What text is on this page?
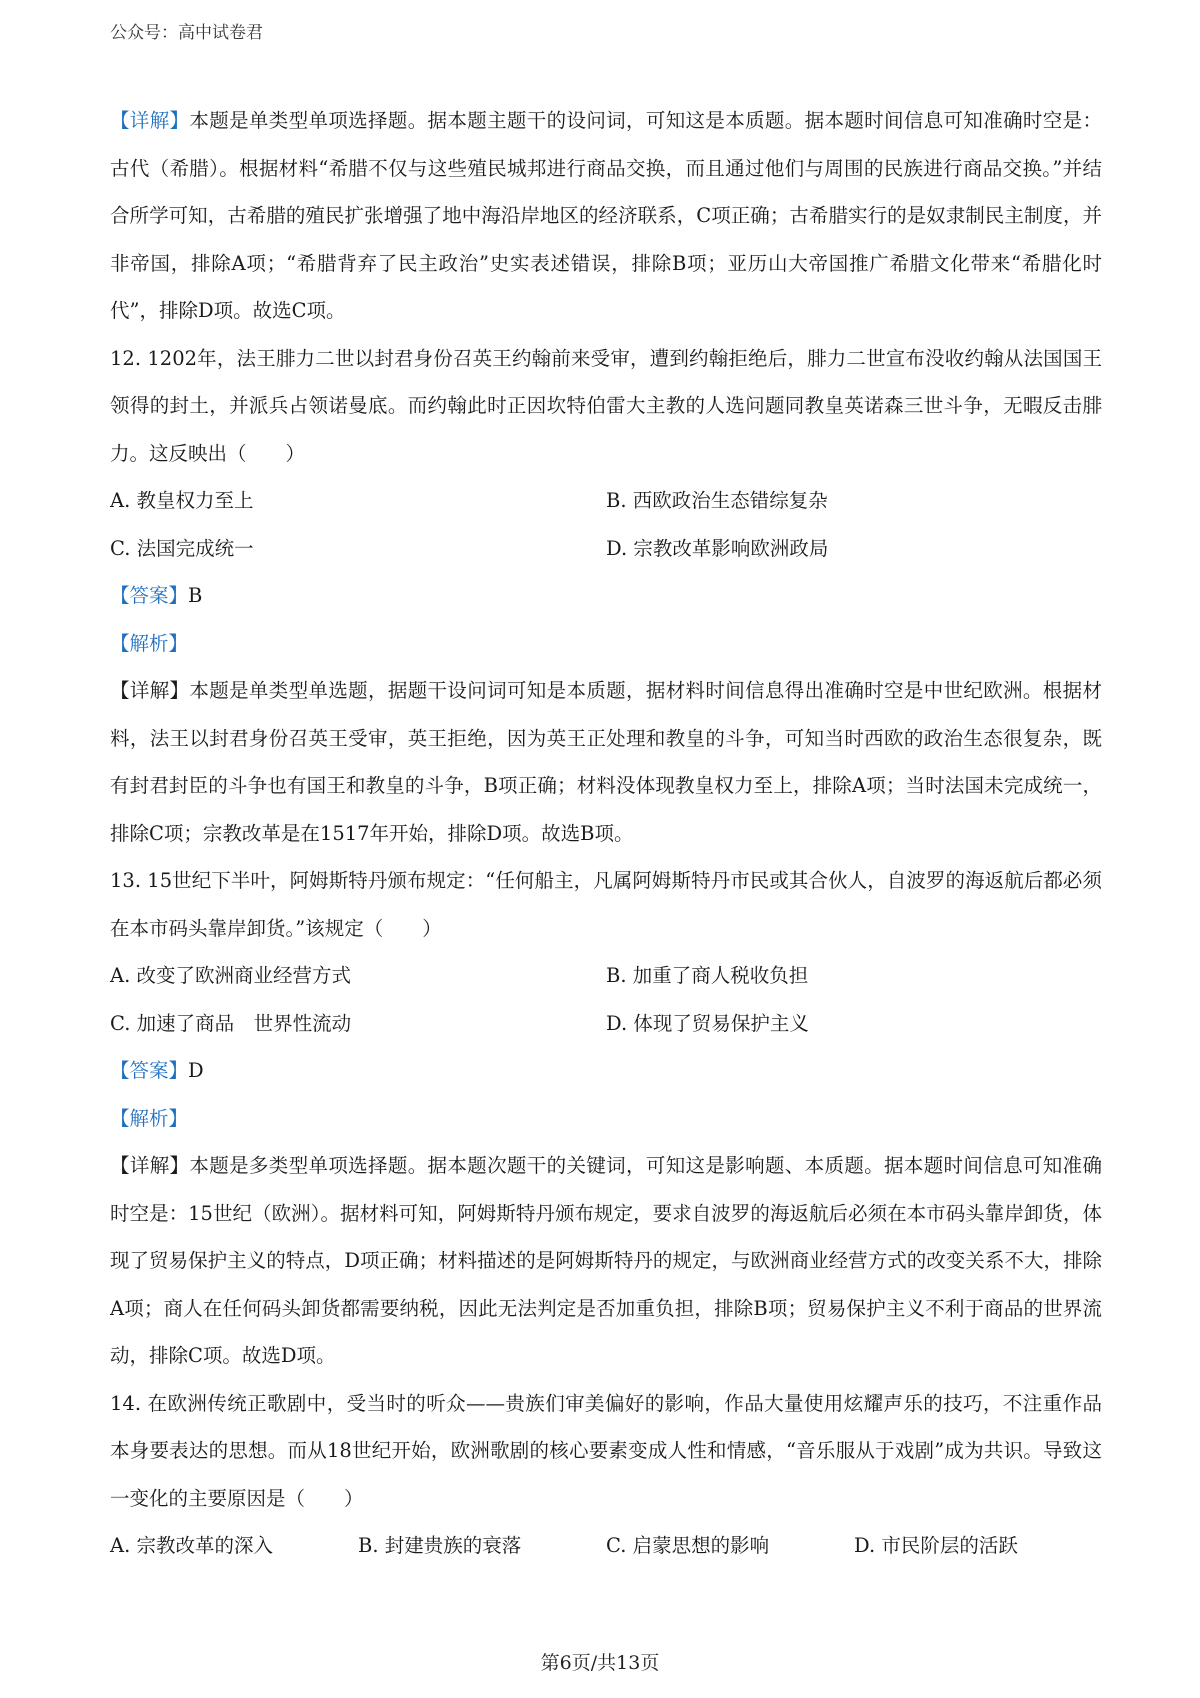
公众号：高中试卷君

【详解】本题是单类型单项选择题。据本题主题干的设问词，可知这是本质题。据本题时间信息可知准确时空是：古代（希腊）。根据材料“希腊不仅与这些殖民城邦进行商品交换，而且通过他们与周围的民族进行商品交换。”并结合所学可知，古希腊的殖民扩张增强了地中海沿岸地区的经济联系，C项正确；古希腊实行的是奴隶制民主制度，并非帝国，排除A项；“希腊背弃了民主政治”史实表述错误，排除B项；亚历山大帝国推广希腊文化带来“希腊化时代”，排除D项。故选C项。

12. 1202年，法王腓力二世以封君身份召英王约翰前来受审，遭到约翰拒绝后，腓力二世宣布没收约翰从法国国王领得的封土，并派兵占领诺曼底。而约翰此时正因坎特伯雷大主教的人选问题同教皇英诺森三世斗争，无暇反击腓力。这反映出（　　）

A. 教皇权力至上	B. 西欧政治生态错综复杂
C. 法国完成统一	D. 宗教改革影响欧洲政局

【答案】B

【解析】

【详解】本题是单类型单选题，据题干设问词可知是本质题，据材料时间信息得出准确时空是中世纪欧洲。根据材料，法王以封君身份召英王受审，英王拒绝，因为英王正处理和教皇的斗争，可知当时西欧的政治生态很复杂，既有封君封臣的斗争也有国王和教皇的斗争，B项正确；材料没体现教皇权力至上，排除A项；当时法国未完成统一，排除C项；宗教改革是在1517年开始，排除D项。故选B项。

13. 15世纪下半叶，阿姆斯特丹颁布规定：“任何船主，凡属阿姆斯特丹市民或其合伙人，自波罗的海返航后都必须在本市码头靠岸卸货。”该规定（　　）

A. 改变了欧洲商业经营方式	B. 加重了商人税收负担
C. 加速了商品　世界性流动	D. 体现了贸易保护主义

【答案】D

【解析】

【详解】本题是多类型单项选择题。据本题次题干的关键词，可知这是影响题、本质题。据本题时间信息可知准确时空是：15世纪（欧洲）。据材料可知，阿姆斯特丹颁布规定，要求自波罗的海返航后必须在本市码头靠岸卸货，体现了贸易保护主义的特点，D项正确；材料描述的是阿姆斯特丹的规定，与欧洲商业经营方式的改变关系不大，排除A项；商人在任何码头卸货都需要纳税，因此无法判定是否加重负担，排除B项；贸易保护主义不利于商品的世界流动，排除C项。故选D项。

14. 在欧洲传统正歌剧中，受当时的听众——贵族们审美偏好的影响，作品大量使用炫耀声乐的技巧，不注重作品本身要表达的思想。而从18世纪开始，欧洲歌剧的核心要素变成人性和情感，“音乐服从于戏剧”成为共识。导致这一变化的主要原因是（　　）

A. 宗教改革的深入	B. 封建贵族的衰落	C. 启蒙思想的影响	D. 市民阶层的活跃
第6页/共13页
